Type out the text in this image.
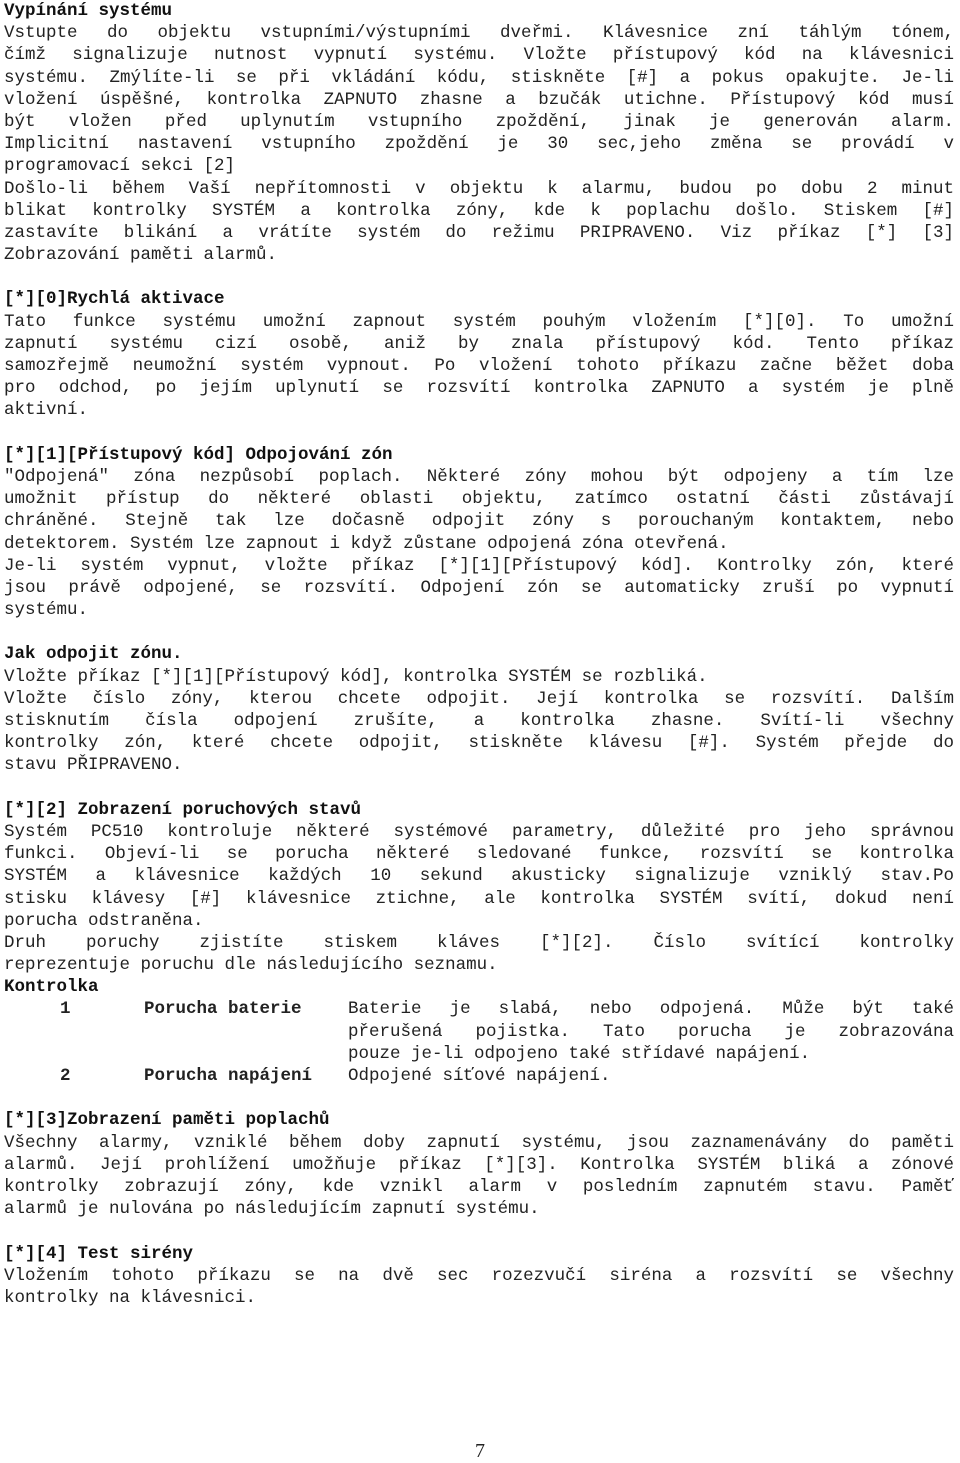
Vypínání systému
Vstupte do objektu vstupními/výstupními dveřmi. Klávesnice zní táhlým tónem,
čímž signalizuje nutnost vypnutí systému. Vložte přístupový kód na klávesnici
systému. Zmýlíte-li se při vkládání kódu, stiskněte [#] a pokus opakujte. Je-li
vložení úspěšné, kontrolka ZAPNUTO zhasne a bzučák utichne. Přístupový kód musí
být vložen před uplynutím vstupního zpoždění, jinak je generován alarm.
Implicitní nastavení vstupního zpoždění je 30 sec,jeho změna se provádí v
programovací sekci [2]
Došlo-li během Vaší nepřítomnosti v objektu k alarmu, budou po dobu 2 minut
blikat kontrolky SYSTÉM a kontrolka zóny, kde k poplachu došlo. Stiskem [#]
zastavíte blikání a vrátíte systém do režimu PRIPRAVENO. Viz příkaz [*] [3]
Zobrazování paměti alarmů.
[*][0]Rychlá aktivace
Tato funkce systému umožní zapnout systém pouhým vložením [*][0]. To umožní
zapnutí systému cizí osobě, aniž by znala přístupový kód. Tento příkaz
samozřejmě neumožní systém vypnout. Po vložení tohoto příkazu začne běžet doba
pro odchod, po jejím uplynutí se rozsvítí kontrolka ZAPNUTO a systém je plně
aktivní.
[*][1][Přístupový kód] Odpojování zón
"Odpojená" zóna nezpůsobí poplach. Některé zóny mohou být odpojeny a tím lze
umožnit přístup do některé oblasti objektu, zatímco ostatní části zůstávají
chráněné. Stejně tak lze dočasně odpojit zóny s porouchaným kontaktem, nebo
detektorem. Systém lze zapnout i když zůstane odpojená zóna otevřená.
Je-li systém vypnut, vložte příkaz [*][1][Přístupový kód]. Kontrolky zón, které
jsou právě odpojené, se rozsvítí. Odpojení zón se automaticky zruší po vypnutí
systému.
Jak odpojit zónu.
Vložte příkaz [*][1][Přístupový kód], kontrolka SYSTÉM se rozbliká.
Vložte číslo zóny, kterou chcete odpojit. Její kontrolka se rozsvítí. Dalším
stisknutím čísla odpojení zrušíte, a kontrolka zhasne. Svítí-li všechny
kontrolky zón, které chcete odpojit, stiskněte klávesu [#]. Systém přejde do
stavu PŘIPRAVENO.
[*][2] Zobrazení poruchových stavů
Systém PC510 kontroluje některé systémové parametry, důležité pro jeho správnou
funkci. Objeví-li se porucha některé sledované funkce, rozsvítí se kontrolka
SYSTÉM a klávesnice každých 10 sekund akusticky signalizuje vzniklý stav.Po
stisku klávesy [#] klávesnice ztichne, ale kontrolka SYSTÉM svítí, dokud není
porucha odstraněna.
Druh poruchy zjistíte stiskem kláves [*][2]. Číslo svítící kontrolky
reprezentuje poruchu dle následujícího seznamu.
Kontrolka
1	Porucha baterie	Baterie je slabá, nebo odpojená. Může být také
přerušená pojistka. Tato porucha je zobrazována
pouze je-li odpojeno také střídavé napájení.
2	Porucha napájení	Odpojené síťové napájení.
[*][3]Zobrazení paměti poplachů
Všechny alarmy, vzniklé během doby zapnutí systému, jsou zaznamenávány do paměti
alarmů. Její prohlížení umožňuje příkaz [*][3]. Kontrolka SYSTÉM bliká a zónové
kontrolky zobrazují zóny, kde vznikl alarm v posledním zapnutém stavu. Paměť
alarmů je nulována po následujícím zapnutí systému.
[*][4] Test sirény
Vložením tohoto příkazu se na dvě sec rozezvučí siréna a rozsvítí se všechny
kontrolky na klávesnici.
7
